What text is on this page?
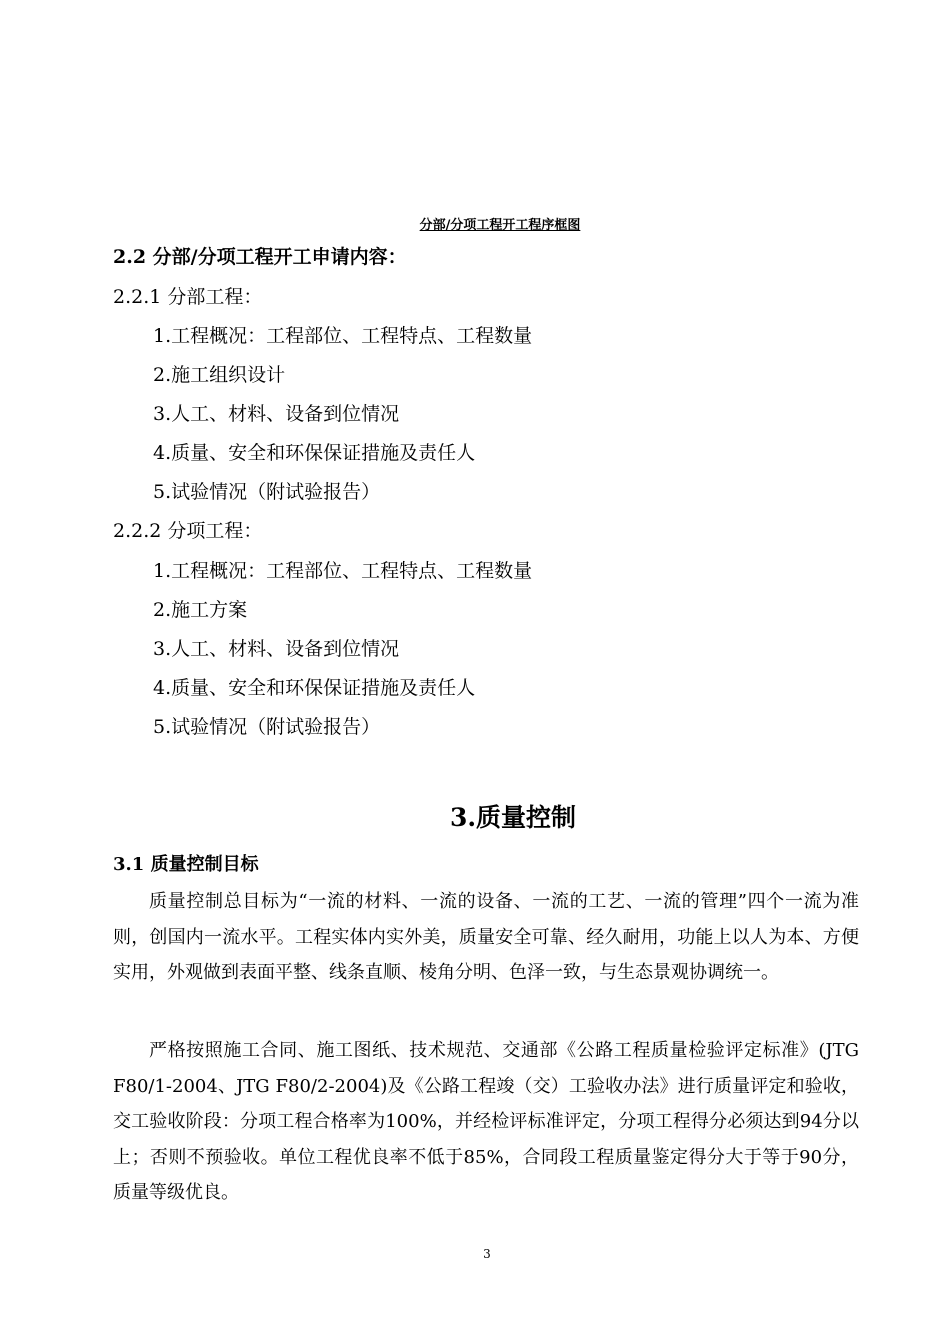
分部/分项工程开工程序框图
2.2 分部/分项工程开工申请内容：
2.2.1 分部工程：
1.工程概况：工程部位、工程特点、工程数量
2.施工组织设计
3.人工、材料、设备到位情况
4.质量、安全和环保保证措施及责任人
5.试验情况（附试验报告）
2.2.2 分项工程：
1.工程概况：工程部位、工程特点、工程数量
2.施工方案
3.人工、材料、设备到位情况
4.质量、安全和环保保证措施及责任人
5.试验情况（附试验报告）
3.质量控制
3.1 质量控制目标

质量控制总目标为“一流的材料、一流的设备、一流的工艺、一流的管理”四个一流为准则，创国内一流水平。工程实体内实外美，质量安全可靠、经久耐用，功能上以人为本、方便实用，外观做到表面平整、线条直顺、棱角分明、色泽一致，与生态景观协调统一。

严格按照施工合同、施工图纸、技术规范、交通部《公路工程质量检验评定标准》(JTG F80/1-2004、JTG F80/2-2004)及《公路工程竣（交）工验收办法》进行质量评定和验收，交工验收阶段：分项工程合格率为100%，并经检评标准评定，分项工程得分必须达到94分以上；否则不预验收。单位工程优良率不低于85%，合同段工程质量鉴定得分大于等于90分，质量等级优良。

3
